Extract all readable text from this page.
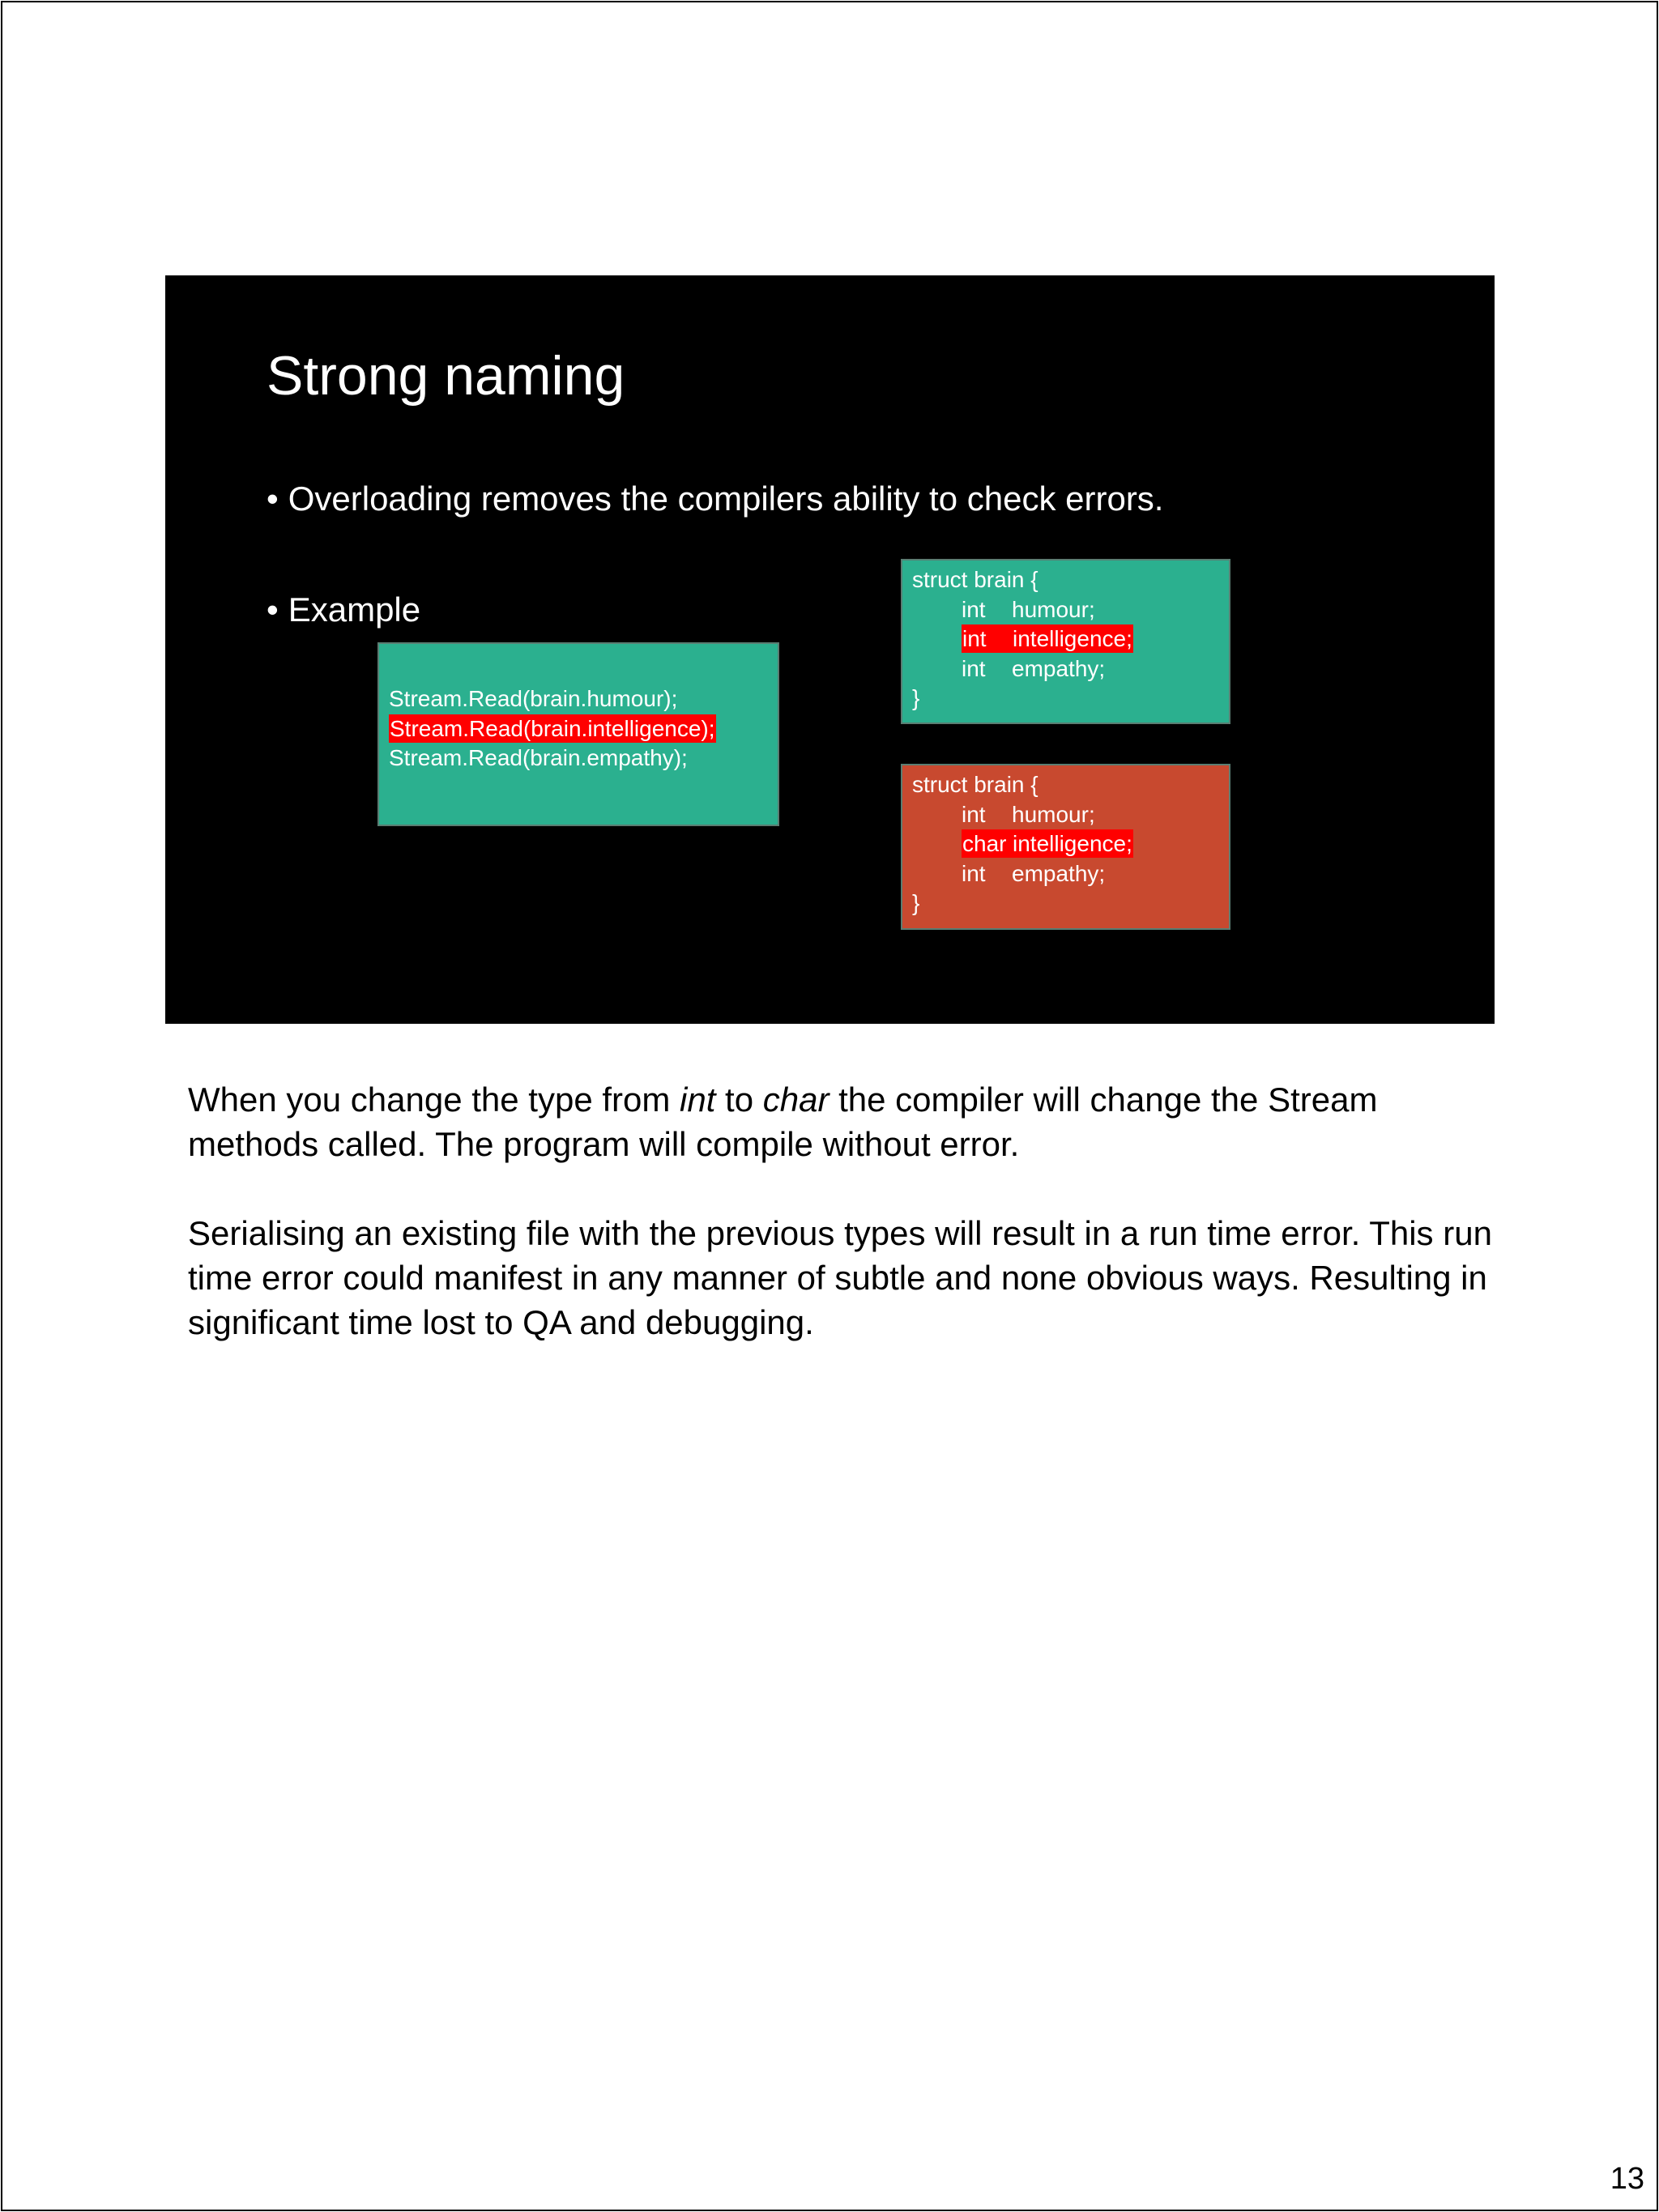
Strong naming
• Overloading removes the compilers ability to check errors.
• Example
Stream.Read(brain.humour);
Stream.Read(brain.intelligence);
Stream.Read(brain.empathy);
struct brain {
int humour;
int intelligence;
int empathy;
}
struct brain {
int humour;
char intelligence;
int empathy;
}

When you change the type from int to char the compiler will change the Stream methods called. The program will compile without error.

Serialising an existing file with the previous types will result in a run time error. This run time error could manifest in any manner of subtle and none obvious ways. Resulting in significant time lost to QA and debugging.

13
